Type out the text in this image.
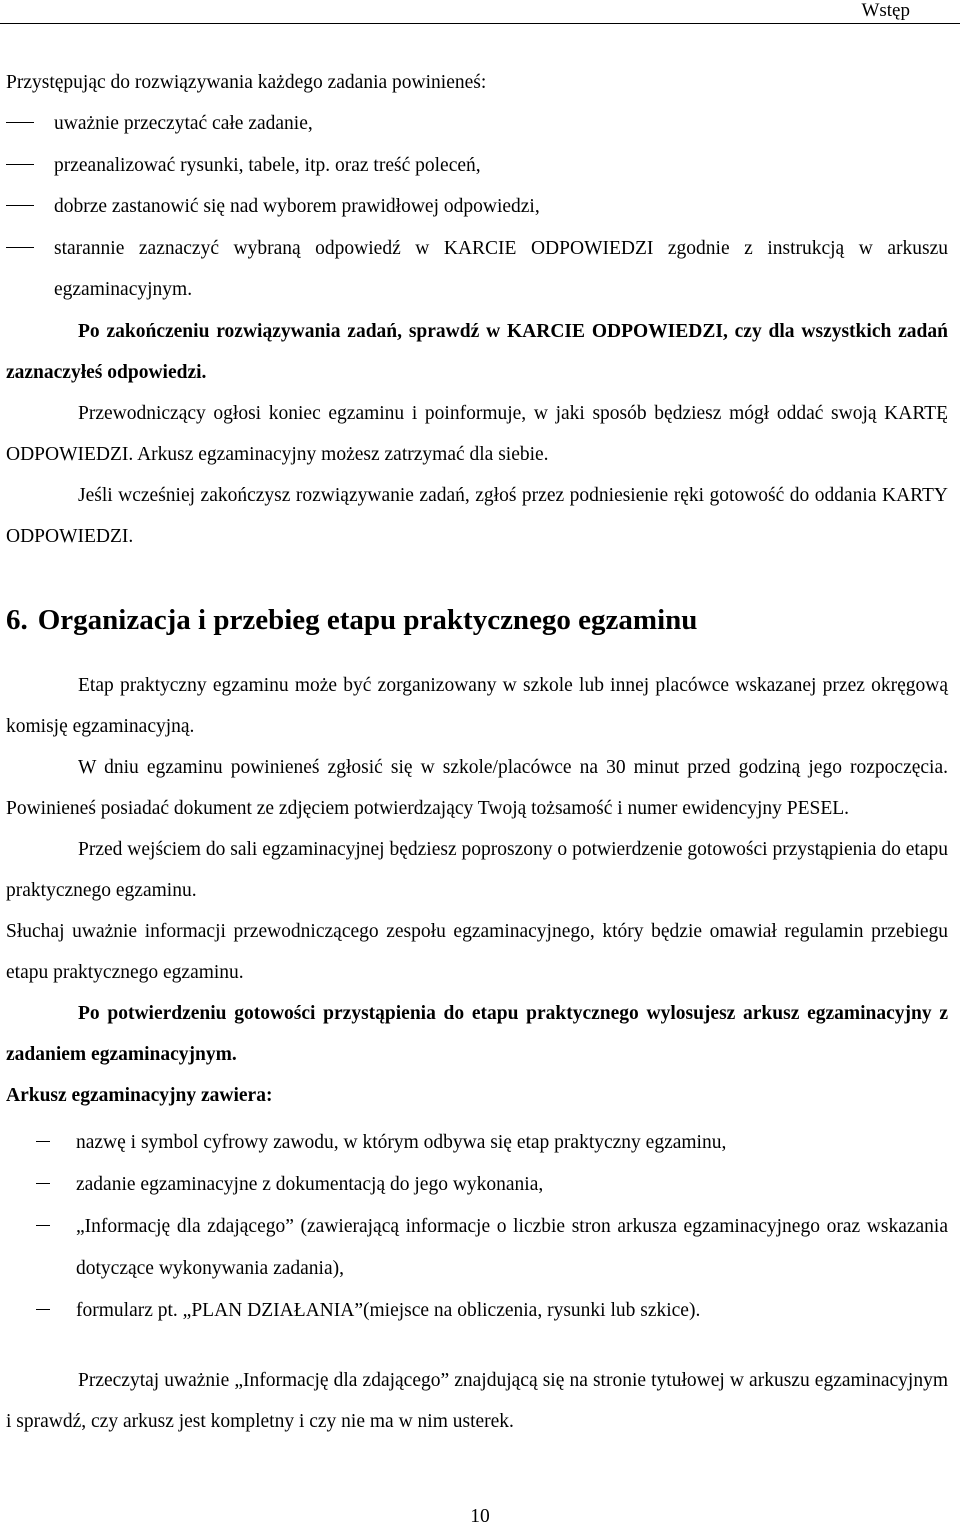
Wstęp

Przystępując do rozwiązywania każdego zadania powinieneś:

uważnie przeczytać całe zadanie,
przeanalizować rysunki, tabele, itp. oraz treść poleceń,
dobrze zastanowić się nad wyborem prawidłowej odpowiedzi,
starannie zaznaczyć wybraną odpowiedź w KARCIE ODPOWIEDZI zgodnie z instrukcją w arkuszu egzaminacyjnym.

Po zakończeniu rozwiązywania zadań, sprawdź w KARCIE ODPOWIEDZI, czy dla wszystkich zadań zaznaczyłeś odpowiedzi.

Przewodniczący ogłosi koniec egzaminu i poinformuje, w jaki sposób będziesz mógł oddać swoją KARTĘ ODPOWIEDZI. Arkusz egzaminacyjny możesz zatrzymać dla siebie.

Jeśli wcześniej zakończysz rozwiązywanie zadań, zgłoś przez podniesienie ręki gotowość do oddania KARTY ODPOWIEDZI.

6. Organizacja i przebieg etapu praktycznego egzaminu

Etap praktyczny egzaminu może być zorganizowany w szkole lub innej placówce wskazanej przez okręgową komisję egzaminacyjną.

W dniu egzaminu powinieneś zgłosić się w szkole/placówce na 30 minut przed godziną jego rozpoczęcia. Powinieneś posiadać dokument ze zdjęciem potwierdzający Twoją tożsamość i numer ewidencyjny PESEL.

Przed wejściem do sali egzaminacyjnej będziesz poproszony o potwierdzenie gotowości przystąpienia do etapu praktycznego egzaminu.

Słuchaj uważnie informacji przewodniczącego zespołu egzaminacyjnego, który będzie omawiał regulamin przebiegu etapu praktycznego egzaminu.

Po potwierdzeniu gotowości przystąpienia do etapu praktycznego wylosujesz arkusz egzaminacyjny z zadaniem egzaminacyjnym.

Arkusz egzaminacyjny zawiera:

nazwę i symbol cyfrowy zawodu, w którym odbywa się etap praktyczny egzaminu,
zadanie egzaminacyjne z dokumentacją do jego wykonania,
„Informację dla zdającego” (zawierającą informacje o liczbie stron arkusza egzaminacyjnego oraz wskazania dotyczące wykonywania zadania),
formularz pt. „PLAN DZIAŁANIA”(miejsce na obliczenia, rysunki lub szkice).

Przeczytaj uważnie „Informację dla zdającego” znajdującą się na stronie tytułowej w arkuszu egzaminacyjnym i sprawdź, czy arkusz jest kompletny i czy nie ma w nim usterek.

10
